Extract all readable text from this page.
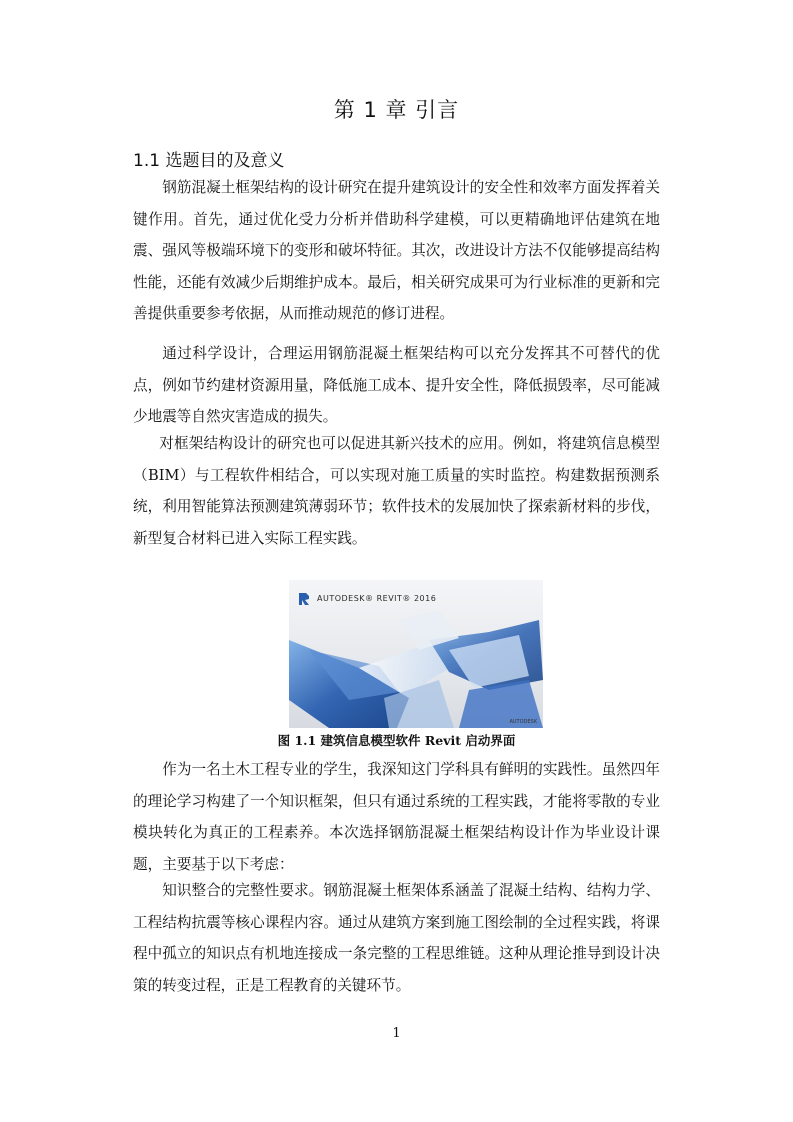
第 1 章 引言
1.1 选题目的及意义

钢筋混凝土框架结构的设计研究在提升建筑设计的安全性和效率方面发挥着关键作用。首先，通过优化受力分析并借助科学建模，可以更精确地评估建筑在地震、强风等极端环境下的变形和破坏特征。其次，改进设计方法不仅能够提高结构性能，还能有效减少后期维护成本。最后，相关研究成果可为行业标准的更新和完善提供重要参考依据，从而推动规范的修订进程。

通过科学设计，合理运用钢筋混凝土框架结构可以充分发挥其不可替代的优点，例如节约建材资源用量，降低施工成本、提升安全性，降低损毁率，尽可能减少地震等自然灾害造成的损失。

对框架结构设计的研究也可以促进其新兴技术的应用。例如，将建筑信息模型（BIM）与工程软件相结合，可以实现对施工质量的实时监控。构建数据预测系统，利用智能算法预测建筑薄弱环节；软件技术的发展加快了探索新材料的步伐，新型复合材料已进入实际工程实践。

AUTODESK® REVIT® 2016
AUTODESK
图 1.1 建筑信息模型软件 Revit 启动界面

作为一名土木工程专业的学生，我深知这门学科具有鲜明的实践性。虽然四年的理论学习构建了一个知识框架，但只有通过系统的工程实践，才能将零散的专业模块转化为真正的工程素养。本次选择钢筋混凝土框架结构设计作为毕业设计课题，主要基于以下考虑：

知识整合的完整性要求。钢筋混凝土框架体系涵盖了混凝土结构、结构力学、工程结构抗震等核心课程内容。通过从建筑方案到施工图绘制的全过程实践，将课程中孤立的知识点有机地连接成一条完整的工程思维链。这种从理论推导到设计决策的转变过程，正是工程教育的关键环节。

1
